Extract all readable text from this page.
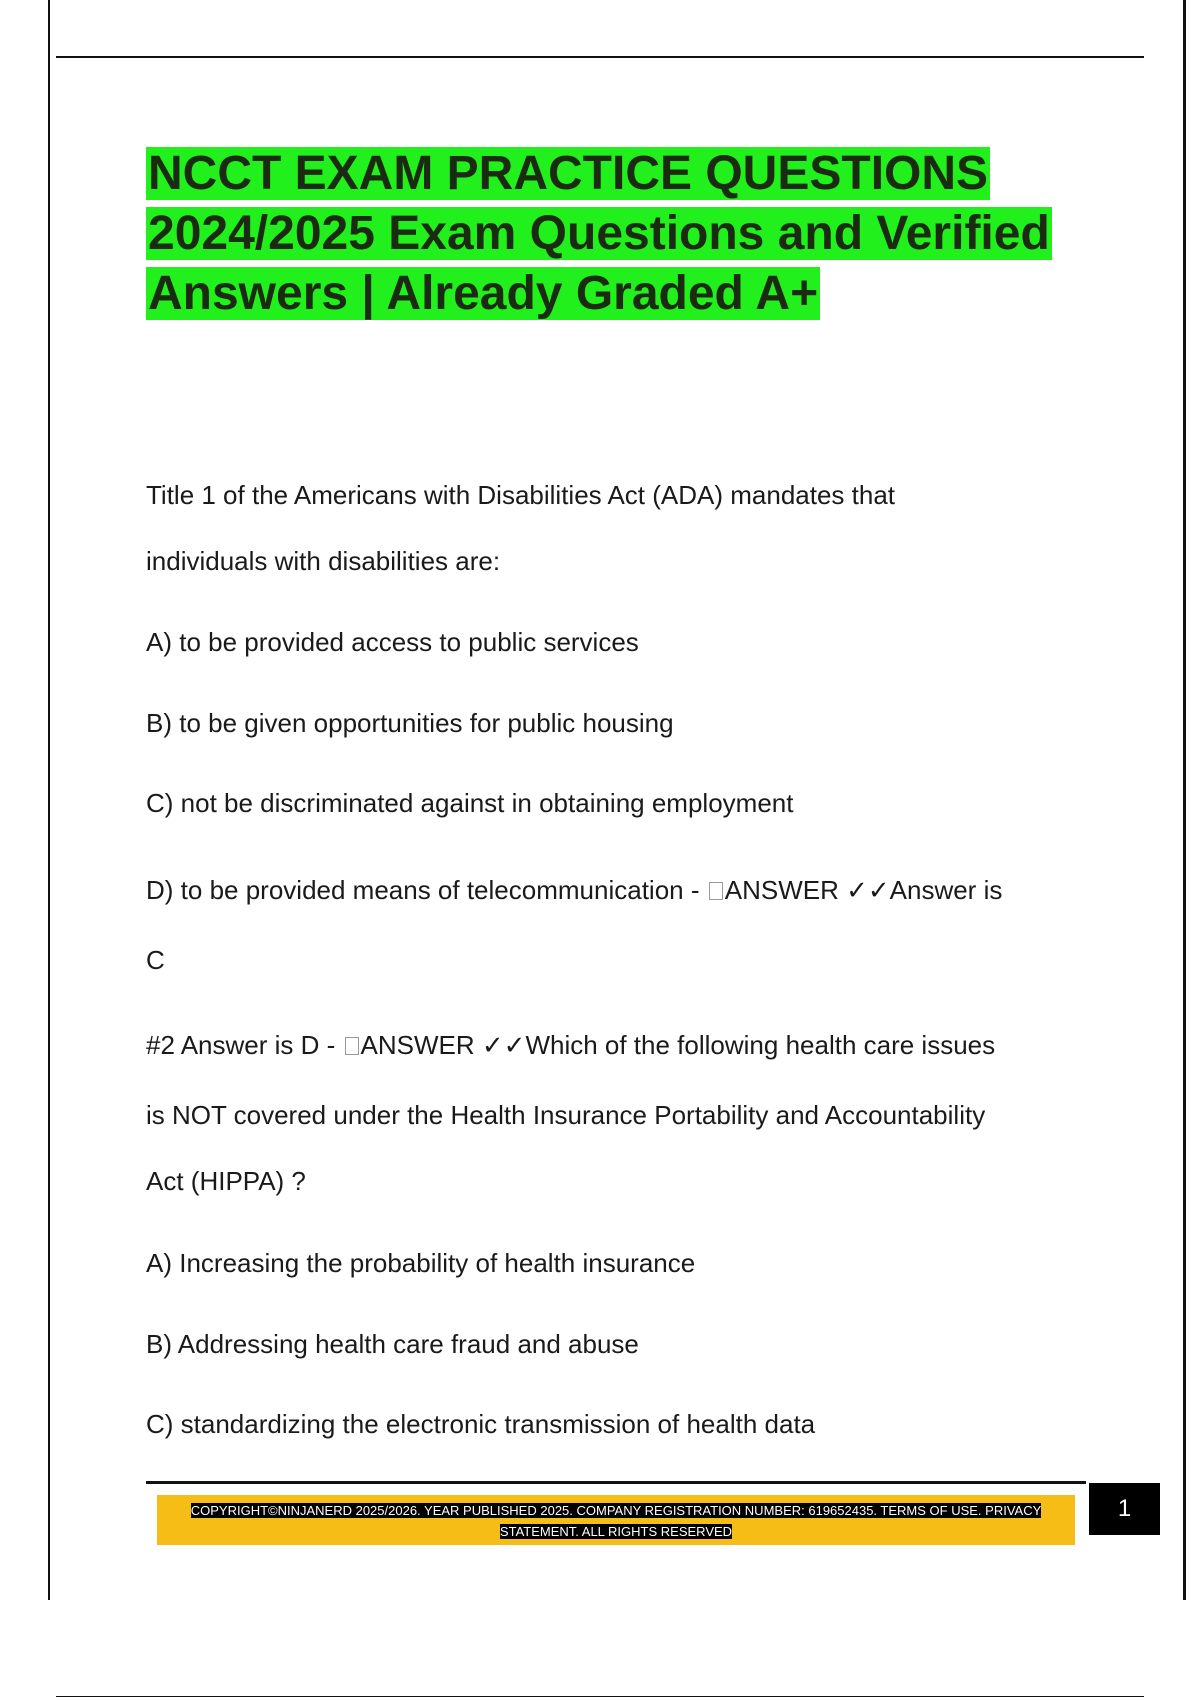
NCCT EXAM PRACTICE QUESTIONS 2024/2025 Exam Questions and Verified Answers | Already Graded A+

Title 1 of the Americans with Disabilities Act (ADA) mandates that

individuals with disabilities are:

A) to be provided access to public services

B) to be given opportunities for public housing

C) not be discriminated against in obtaining employment

D) to be provided means of telecommunication - ANSWER ✓✓Answer is

C

#2 Answer is D - ANSWER ✓✓Which of the following health care issues

is NOT covered under the Health Insurance Portability and Accountability

Act (HIPPA) ?

A) Increasing the probability of health insurance

B) Addressing health care fraud and abuse

C) standardizing the electronic transmission of health data

COPYRIGHT©NINJANERD 2025/2026. YEAR PUBLISHED 2025. COMPANY REGISTRATION NUMBER: 619652435. TERMS OF USE. PRIVACY
STATEMENT. ALL RIGHTS RESERVED

1
